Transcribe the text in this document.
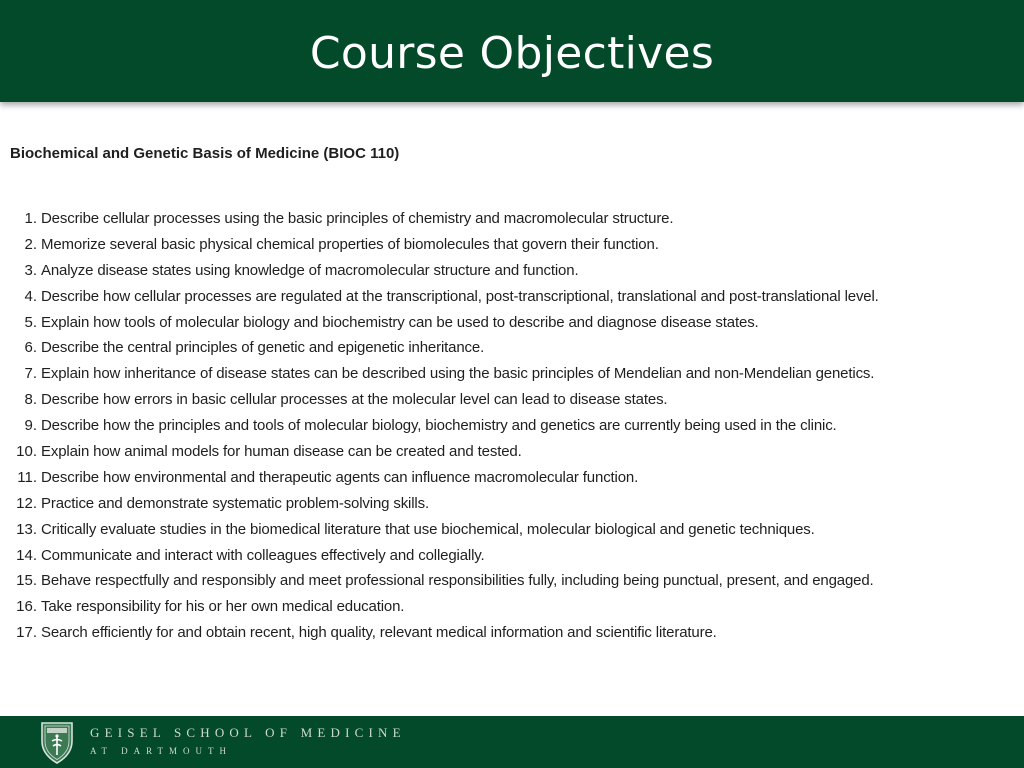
Course Objectives

Biochemical and Genetic Basis of Medicine (BIOC 110)

1. Describe cellular processes using the basic principles of chemistry and macromolecular structure.
2. Memorize several basic physical chemical properties of biomolecules that govern their function.
3. Analyze disease states using knowledge of macromolecular structure and function.
4. Describe how cellular processes are regulated at the transcriptional, post-transcriptional, translational and post-translational level.
5. Explain how tools of molecular biology and biochemistry can be used to describe and diagnose disease states.
6. Describe the central principles of genetic and epigenetic inheritance.
7. Explain how inheritance of disease states can be described using the basic principles of Mendelian and non-Mendelian genetics.
8. Describe how errors in basic cellular processes at the molecular level can lead to disease states.
9. Describe how the principles and tools of molecular biology, biochemistry and genetics are currently being used in the clinic.
10. Explain how animal models for human disease can be created and tested.
11. Describe how environmental and therapeutic agents can influence macromolecular function.
12. Practice and demonstrate systematic problem-solving skills.
13. Critically evaluate studies in the biomedical literature that use biochemical, molecular biological and genetic techniques.
14. Communicate and interact with colleagues effectively and collegially.
15. Behave respectfully and responsibly and meet professional responsibilities fully, including being punctual, present, and engaged.
16. Take responsibility for his or her own medical education.
17. Search efficiently for and obtain recent, high quality, relevant medical information and scientific literature.
GEISEL SCHOOL OF MEDICINE
AT DARTMOUTH
